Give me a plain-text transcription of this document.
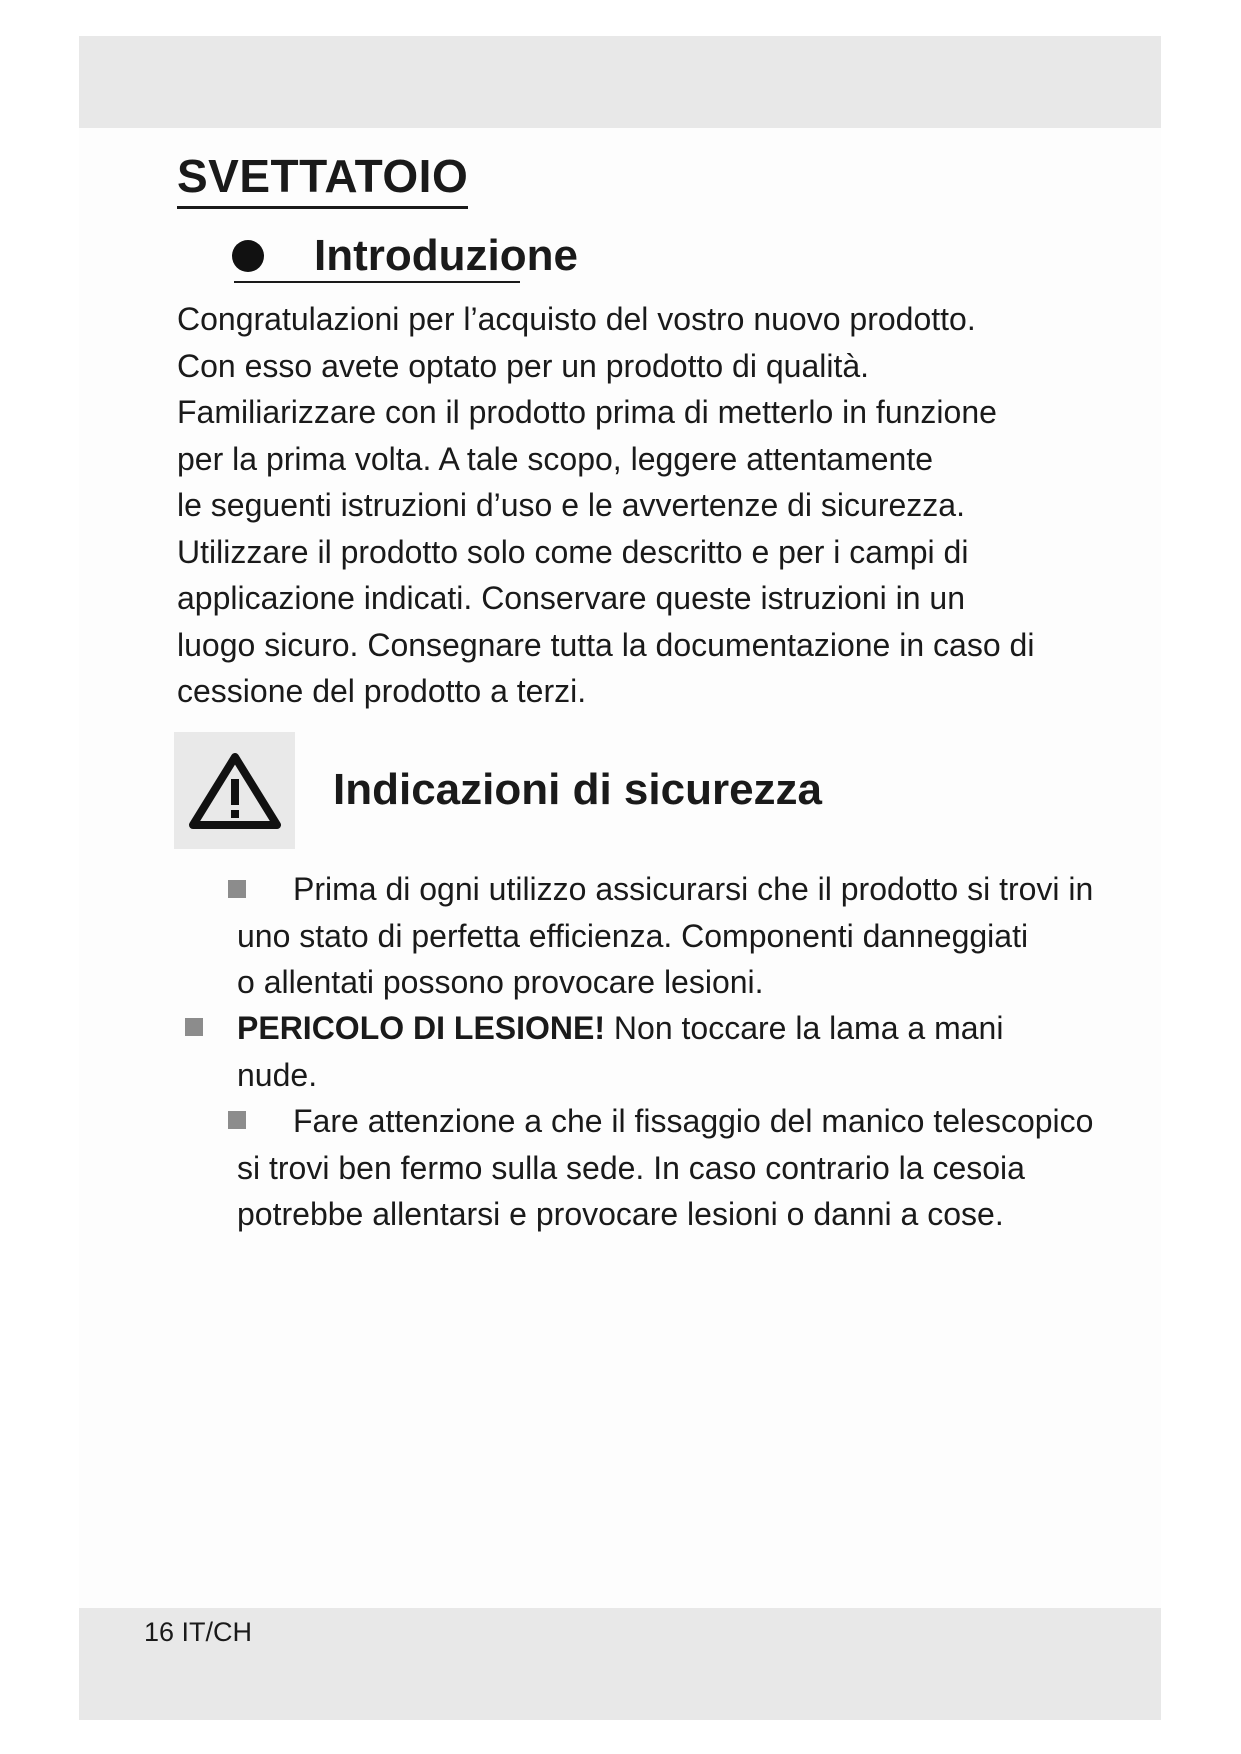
SVETTATOIO
Introduzione

Congratulazioni per l’acquisto del vostro nuovo prodotto.
Con esso avete optato per un prodotto di qualità.
Familiarizzare con il prodotto prima di metterlo in funzione
per la prima volta. A tale scopo, leggere attentamente
le seguenti istruzioni d’uso e le avvertenze di sicurezza.
Utilizzare il prodotto solo come descritto e per i campi di
applicazione indicati. Conservare queste istruzioni in un
luogo sicuro. Consegnare tutta la documentazione in caso di
cessione del prodotto a terzi.

Indicazioni di sicurezza
Prima di ogni utilizzo assicurarsi che il prodotto si trovi in
uno stato di perfetta efficienza. Componenti danneggiati
o allentati possono provocare lesioni.
PERICOLO DI LESIONE! Non toccare la lama a mani
nude.
Fare attenzione a che il fissaggio del manico telescopico
si trovi ben fermo sulla sede. In caso contrario la cesoia
potrebbe allentarsi e provocare lesioni o danni a cose.

16 IT/CH
